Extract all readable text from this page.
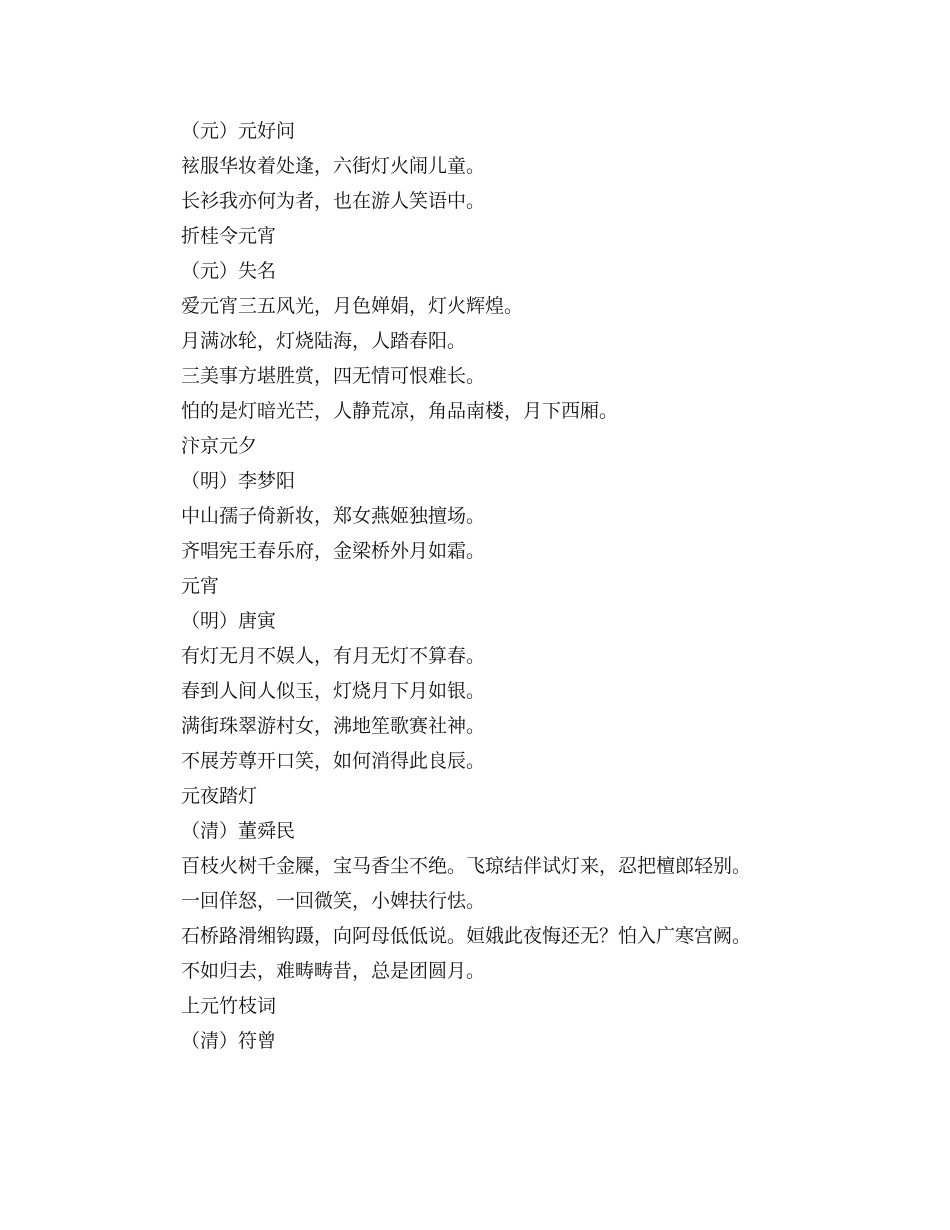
（元）元好问
袨服华妆着处逢，六街灯火闹儿童。
长衫我亦何为者，也在游人笑语中。
折桂令元宵
（元）失名
爱元宵三五风光，月色婵娟，灯火辉煌。
月满冰轮，灯烧陆海，人踏春阳。
三美事方堪胜赏，四无情可恨难长。
怕的是灯暗光芒，人静荒凉，角品南楼，月下西厢。
汴京元夕
（明）李梦阳
中山孺子倚新妆，郑女燕姬独擅场。
齐唱宪王春乐府，金梁桥外月如霜。
元宵
（明）唐寅
有灯无月不娱人，有月无灯不算春。
春到人间人似玉，灯烧月下月如银。
满街珠翠游村女，沸地笙歌赛社神。
不展芳尊开口笑，如何消得此良辰。
元夜踏灯
（清）董舜民
百枝火树千金屧，宝马香尘不绝。飞琼结伴试灯来，忍把檀郎轻别。
一回佯怒，一回微笑，小婢扶行怯。
石桥路滑缃钩蹑，向阿母低低说。姮娥此夜悔还无？怕入广寒宫阙。
不如归去，难畴畴昔，总是团圆月。
上元竹枝词
（清）符曾
